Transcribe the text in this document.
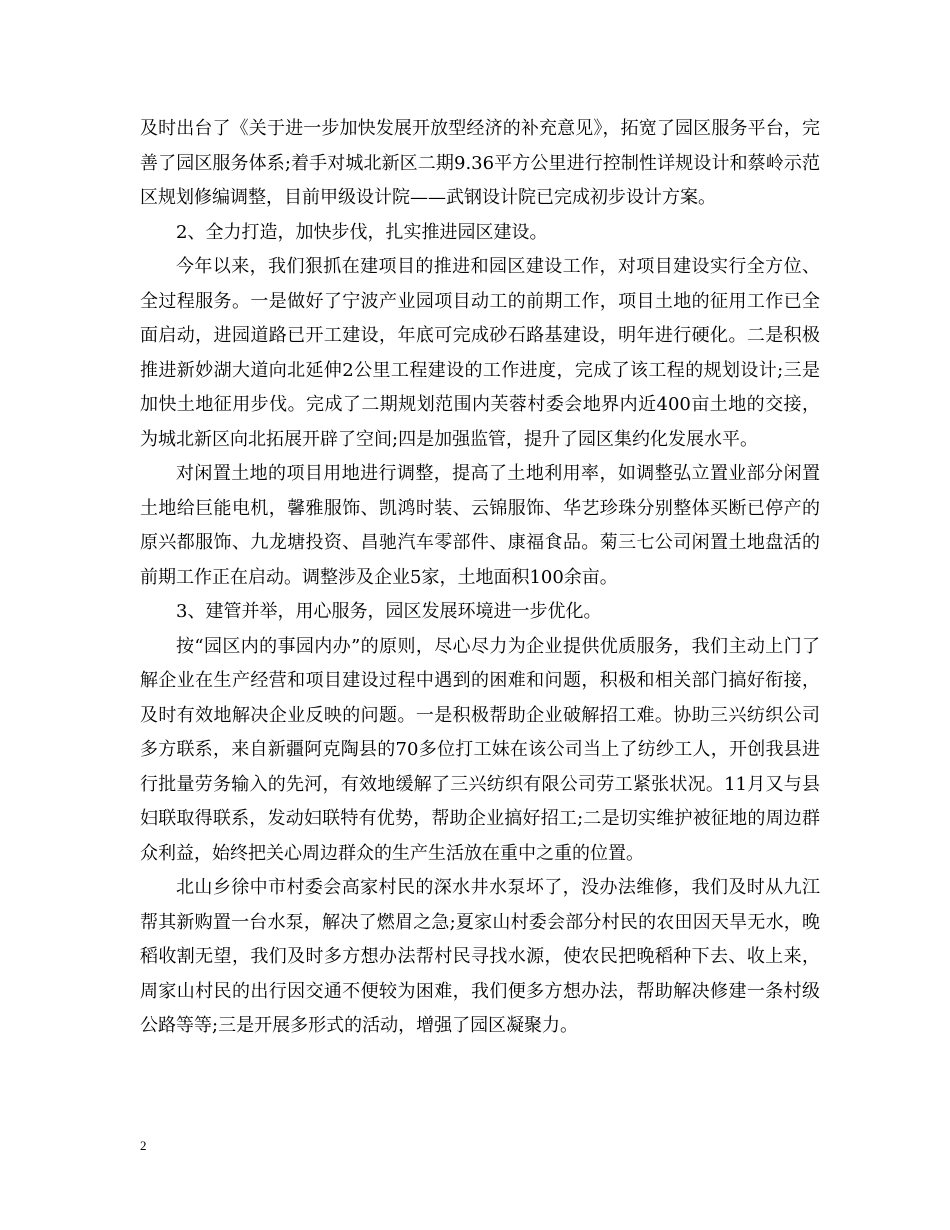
及时出台了《关于进一步加快发展开放型经济的补充意见》，拓宽了园区服务平台，完善了园区服务体系;着手对城北新区二期9.36平方公里进行控制性详规设计和蔡岭示范区规划修编调整，目前甲级设计院——武钢设计院已完成初步设计方案。

2、全力打造，加快步伐，扎实推进园区建设。

今年以来，我们狠抓在建项目的推进和园区建设工作，对项目建设实行全方位、全过程服务。一是做好了宁波产业园项目动工的前期工作，项目土地的征用工作已全面启动，进园道路已开工建设，年底可完成砂石路基建设，明年进行硬化。二是积极推进新妙湖大道向北延伸2公里工程建设的工作进度，完成了该工程的规划设计;三是加快土地征用步伐。完成了二期规划范围内芙蓉村委会地界内近400亩土地的交接，为城北新区向北拓展开辟了空间;四是加强监管，提升了园区集约化发展水平。

对闲置土地的项目用地进行调整，提高了土地利用率，如调整弘立置业部分闲置土地给巨能电机，馨雅服饰、凯鸿时装、云锦服饰、华艺珍珠分别整体买断已停产的原兴都服饰、九龙塘投资、昌驰汽车零部件、康福食品。菊三七公司闲置土地盘活的前期工作正在启动。调整涉及企业5家，土地面积100余亩。

3、建管并举，用心服务，园区发展环境进一步优化。

按“园区内的事园内办”的原则，尽心尽力为企业提供优质服务，我们主动上门了解企业在生产经营和项目建设过程中遇到的困难和问题，积极和相关部门搞好衔接，及时有效地解决企业反映的问题。一是积极帮助企业破解招工难。协助三兴纺织公司多方联系，来自新疆阿克陶县的70多位打工妹在该公司当上了纺纱工人，开创我县进行批量劳务输入的先河，有效地缓解了三兴纺织有限公司劳工紧张状况。11月又与县妇联取得联系，发动妇联特有优势，帮助企业搞好招工;二是切实维护被征地的周边群众利益，始终把关心周边群众的生产生活放在重中之重的位置。

北山乡徐中市村委会高家村民的深水井水泵坏了，没办法维修，我们及时从九江帮其新购置一台水泵，解决了燃眉之急;夏家山村委会部分村民的农田因天旱无水，晚稻收割无望，我们及时多方想办法帮村民寻找水源，使农民把晚稻种下去、收上来，周家山村民的出行因交通不便较为困难，我们便多方想办法，帮助解决修建一条村级公路等等;三是开展多形式的活动，增强了园区凝聚力。

2
